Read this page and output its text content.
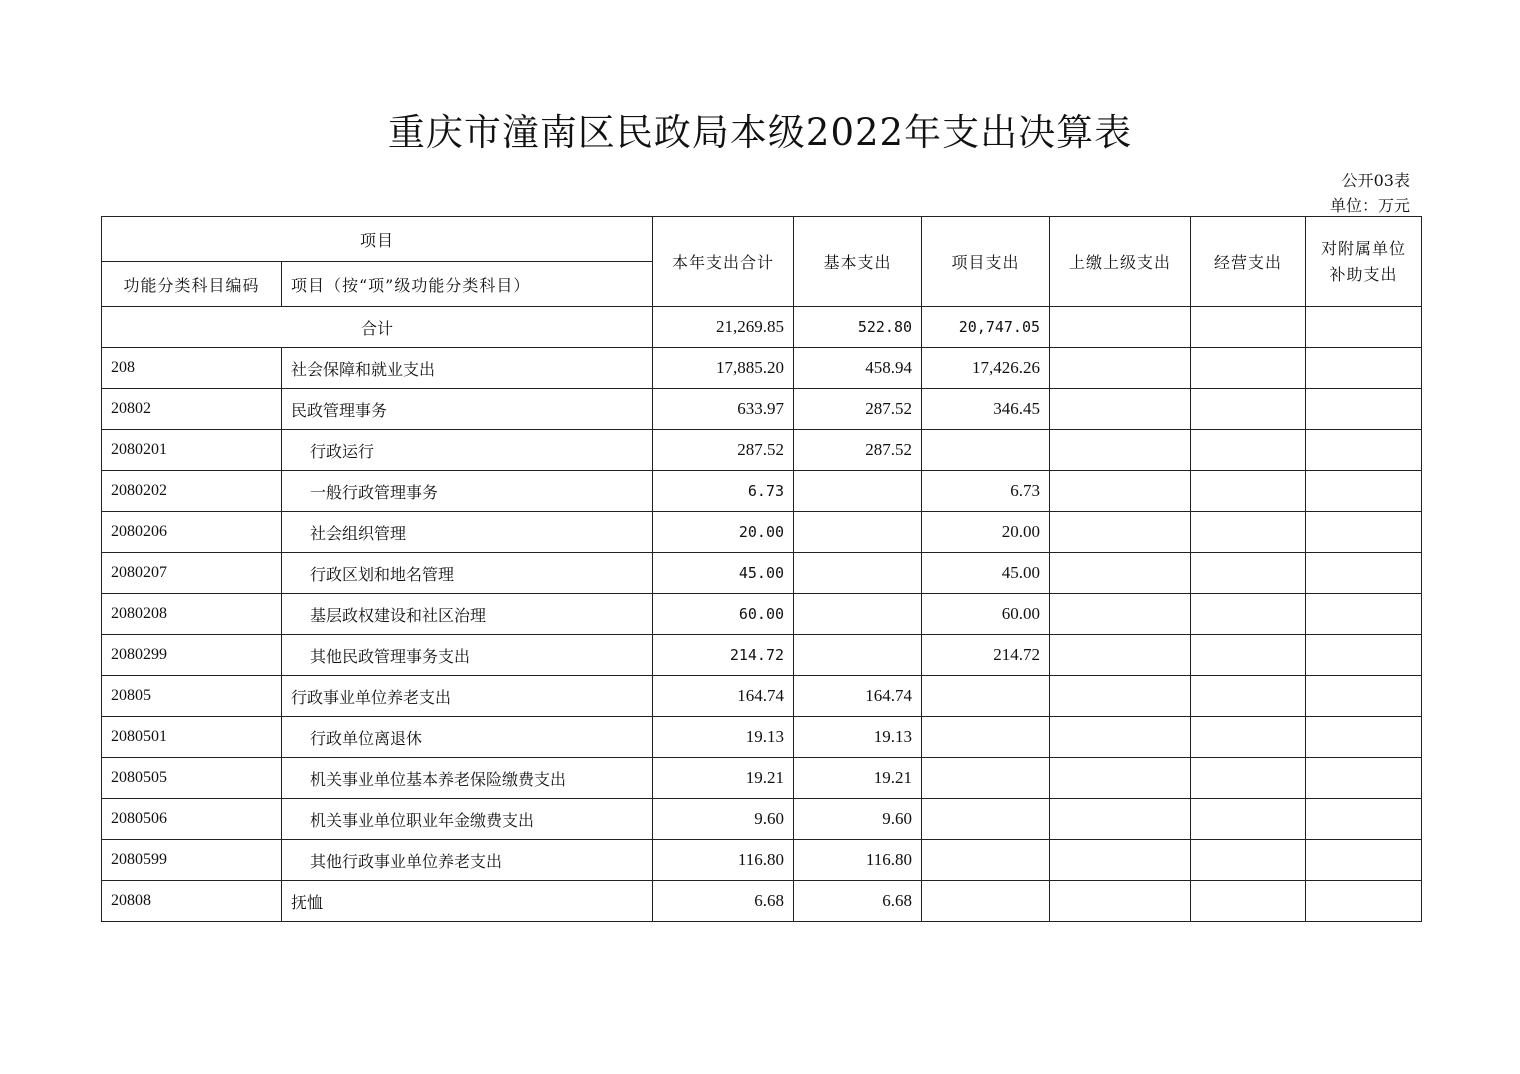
重庆市潼南区民政局本级2022年支出决算表
公开03表
单位：万元
项目		本年支出合计	基本支出	项目支出	上缴上级支出	经营支出	对附属单位补助支出
功能分类科目编码	项目（按“项”级功能分类科目）						
合计		21,269.85	522.80	20,747.05			
208	社会保障和就业支出	17,885.20	458.94	17,426.26			
20802	民政管理事务	633.97	287.52	346.45			
2080201	行政运行	287.52	287.52				
2080202	一般行政管理事务	6.73		6.73			
2080206	社会组织管理	20.00		20.00			
2080207	行政区划和地名管理	45.00		45.00			
2080208	基层政权建设和社区治理	60.00		60.00			
2080299	其他民政管理事务支出	214.72		214.72			
20805	行政事业单位养老支出	164.74	164.74				
2080501	行政单位离退休	19.13	19.13				
2080505	机关事业单位基本养老保险缴费支出	19.21	19.21				
2080506	机关事业单位职业年金缴费支出	9.60	9.60				
2080599	其他行政事业单位养老支出	116.80	116.80				
20808	抚恤	6.68	6.68				
